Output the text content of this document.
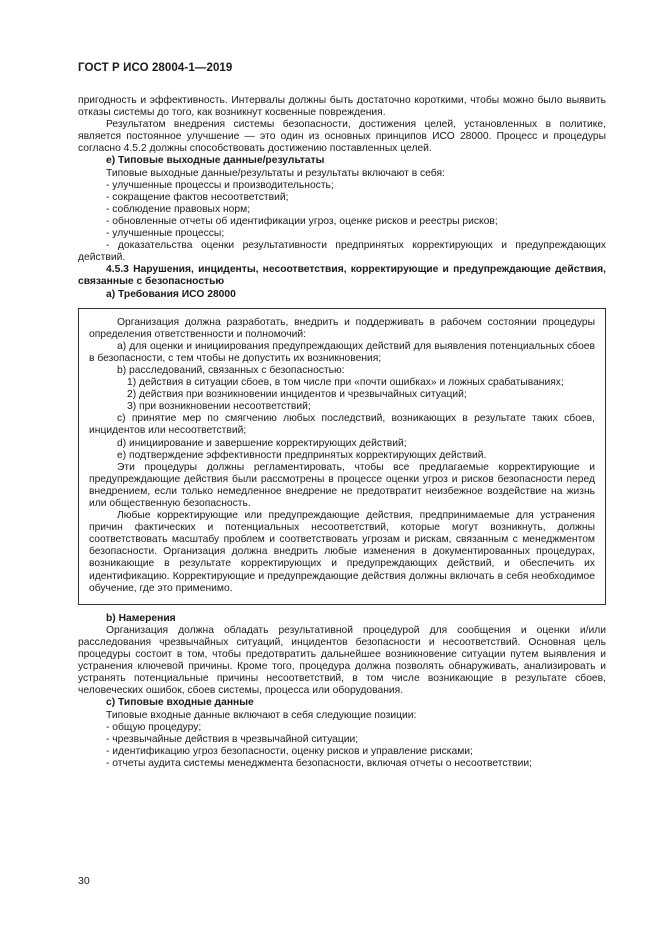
ГОСТ Р ИСО 28004-1—2019

пригодность и эффективность. Интервалы должны быть достаточно короткими, чтобы можно было выявить отказы системы до того, как возникнут косвенные повреждения.

Результатом внедрения системы безопасности, достижения целей, установленных в политике, является постоянное улучшение — это один из основных принципов ИСО 28000. Процесс и процедуры согласно 4.5.2 должны способствовать достижению поставленных целей.

е) Типовые выходные данные/результаты

Типовые выходные данные/результаты и результаты включают в себя:

- улучшенные процессы и производительность;

- сокращение фактов несоответствий;

- соблюдение правовых норм;

- обновленные отчеты об идентификации угроз, оценке рисков и реестры рисков;

- улучшенные процессы;

- доказательства оценки результативности предпринятых корректирующих и предупреждающих действий.

4.5.3 Нарушения, инциденты, несоответствия, корректирующие и предупреждающие действия, связанные с безопасностью

а) Требования ИСО 28000

Организация должна разработать, внедрить и поддерживать в рабочем состоянии процедуры определения ответственности и полномочий:

а) для оценки и инициирования предупреждающих действий для выявления потенциальных сбоев в безопасности, с тем чтобы не допустить их возникновения;

b) расследований, связанных с безопасностью:

1) действия в ситуации сбоев, в том числе при «почти ошибках» и ложных срабатываниях;

2) действия при возникновении инцидентов и чрезвычайных ситуаций;

3) при возникновении несоответствий;

с) принятие мер по смягчению любых последствий, возникающих в результате таких сбоев, инцидентов или несоответствий;

d) инициирование и завершение корректирующих действий;

е) подтверждение эффективности предпринятых корректирующих действий.

Эти процедуры должны регламентировать, чтобы все предлагаемые корректирующие и предупреждающие действия были рассмотрены в процессе оценки угроз и рисков безопасности перед внедрением, если только немедленное внедрение не предотвратит неизбежное воздействие на жизнь или общественную безопасность.

Любые корректирующие или предупреждающие действия, предпринимаемые для устранения причин фактических и потенциальных несоответствий, которые могут возникнуть, должны соответствовать масштабу проблем и соответствовать угрозам и рискам, связанным с менеджментом безопасности. Организация должна внедрить любые изменения в документированных процедурах, возникающие в результате корректирующих и предупреждающих действий, и обеспечить их идентификацию. Корректирующие и предупреждающие действия должны включать в себя необходимое обучение, где это применимо.

b) Намерения

Организация должна обладать результативной процедурой для сообщения и оценки и/или расследования чрезвычайных ситуаций, инцидентов безопасности и несоответствий. Основная цель процедуры состоит в том, чтобы предотвратить дальнейшее возникновение ситуации путем выявления и устранения ключевой причины. Кроме того, процедура должна позволять обнаруживать, анализировать и устранять потенциальные причины несоответствий, в том числе возникающие в результате сбоев, человеческих ошибок, сбоев системы, процесса или оборудования.

с) Типовые входные данные

Типовые входные данные включают в себя следующие позиции:

- общую процедуру;

- чрезвычайные действия в чрезвычайной ситуации;

- идентификацию угроз безопасности, оценку рисков и управление рисками;

- отчеты аудита системы менеджмента безопасности, включая отчеты о несоответствии;

30
